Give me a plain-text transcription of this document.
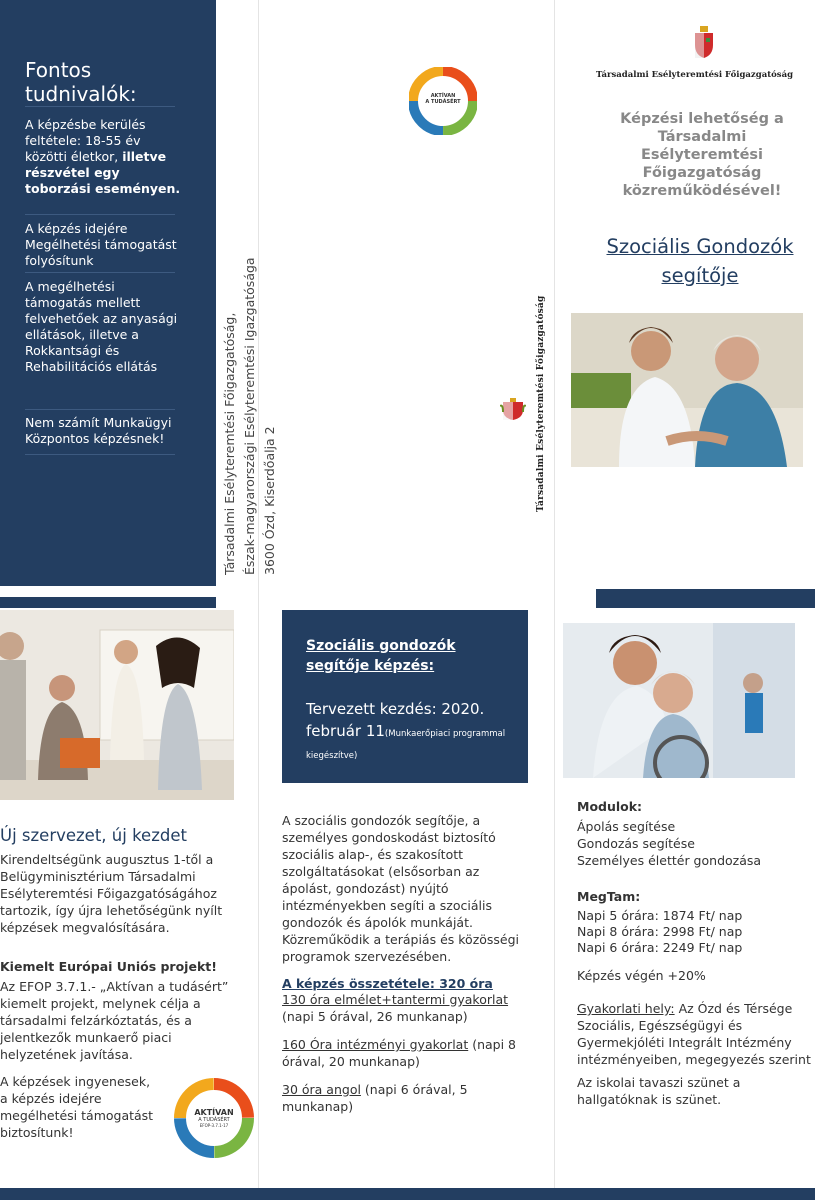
Fontos tudnivalók:
A képzésbe kerülés feltétele: 18-55 év közötti életkor, illetve részvétel egy toborzási eseményen.
A képzés idejére Megélhetési támogatást folyósítunk
A megélhetési támogatás mellett felvehetőek az anyasági ellátások, illetve a Rokkantsági és Rehabilitációs ellátás
Nem számít Munkaügyi Központos képzésnek!
AKTÍVAN
A TUDÁSÉRT
Társadalmi Esélyteremtési Főigazgatóság, Észak-magyarországi Esélyteremtési Igazgatósága 3600 Ózd, Kiserdőalja 2	Társadalmi Esélyteremtési Főigazgatóság
Társadalmi Esélyteremtési Főigazgatóság
Képzési lehetőség a Társadalmi Esélyteremtési Főigazgatóság közreműködésével!
Szociális Gondozók segítője
Új szervezet, új kezdet
Kirendeltségünk augusztus 1-től a Belügyminisztérium Társadalmi Esélyteremtési Főigazgatóságához tartozik, így újra lehetőségünk nyílt képzések megvalósítására.
Kiemelt Európai Uniós projekt!
Az EFOP 3.7.1.- „Aktívan a tudásért” kiemelt projekt, melynek célja a társadalmi felzárkóztatás, és a jelentkezők munkaerő piaci helyzetének javítása.
A képzések ingyenesek, a képzés idejére megélhetési támogatást biztosítunk!
AKTÍVAN
A TUDÁSÉRT
EFOP-3.7.1-17
Szociális gondozók segítője képzés:
Tervezett kezdés: 2020. február 11(Munkaerőpiaci programmal kiegészítve)
A szociális gondozók segítője, a személyes gondoskodást biztosító szociális alap-, és szakosított szolgáltatásokat (elsősorban az ápolást, gondozást) nyújtó intézményekben segíti a szociális gondozók és ápolók munkáját. Közreműködik a terápiás és közösségi programok szervezésében.
A képzés összetétele: 320 óra
130 óra elmélet+tantermi gyakorlat (napi 5 órával, 26 munkanap)
160 Óra intézményi gyakorlat (napi 8 órával, 20 munkanap)
30 óra angol (napi 6 órával, 5 munkanap)
Modulok:
Ápolás segítése
Gondozás segítése
Személyes élettér gondozása
MegTam:
Napi 5 órára: 1874 Ft/ nap
Napi 8 órára: 2998 Ft/ nap
Napi 6 órára: 2249 Ft/ nap
Képzés végén +20%
Gyakorlati hely: Az Ózd és Térsége Szociális, Egészségügyi és Gyermekjóléti Integrált Intézmény intézményeiben, megegyezés szerint
Az iskolai tavaszi szünet a hallgatóknak is szünet.
